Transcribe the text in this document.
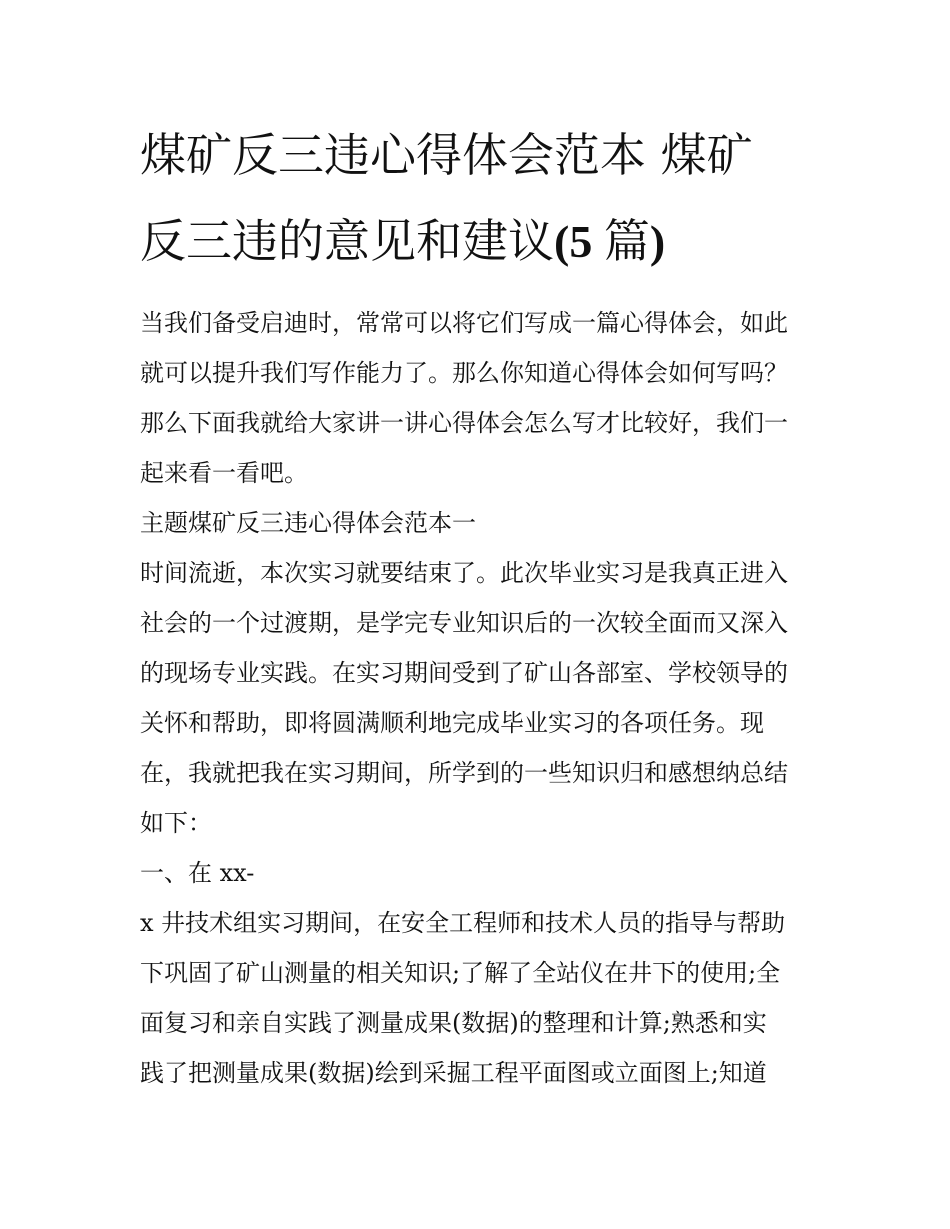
煤矿反三违心得体会范本 煤矿
反三违的意见和建议(5 篇)

当我们备受启迪时，常常可以将它们写成一篇心得体会，如此
就可以提升我们写作能力了。那么你知道心得体会如何写吗？
那么下面我就给大家讲一讲心得体会怎么写才比较好，我们一
起来看一看吧。

主题煤矿反三违心得体会范本一

时间流逝，本次实习就要结束了。此次毕业实习是我真正进入
社会的一个过渡期，是学完专业知识后的一次较全面而又深入
的现场专业实践。在实习期间受到了矿山各部室、学校领导的
关怀和帮助，即将圆满顺利地完成毕业实习的各项任务。现
在，我就把我在实习期间，所学到的一些知识归和感想纳总结
如下：

一、在 xx-

x 井技术组实习期间，在安全工程师和技术人员的指导与帮助
下巩固了矿山测量的相关知识;了解了全站仪在井下的使用;全
面复习和亲自实践了测量成果(数据)的整理和计算;熟悉和实
践了把测量成果(数据)绘到采掘工程平面图或立面图上;知道
